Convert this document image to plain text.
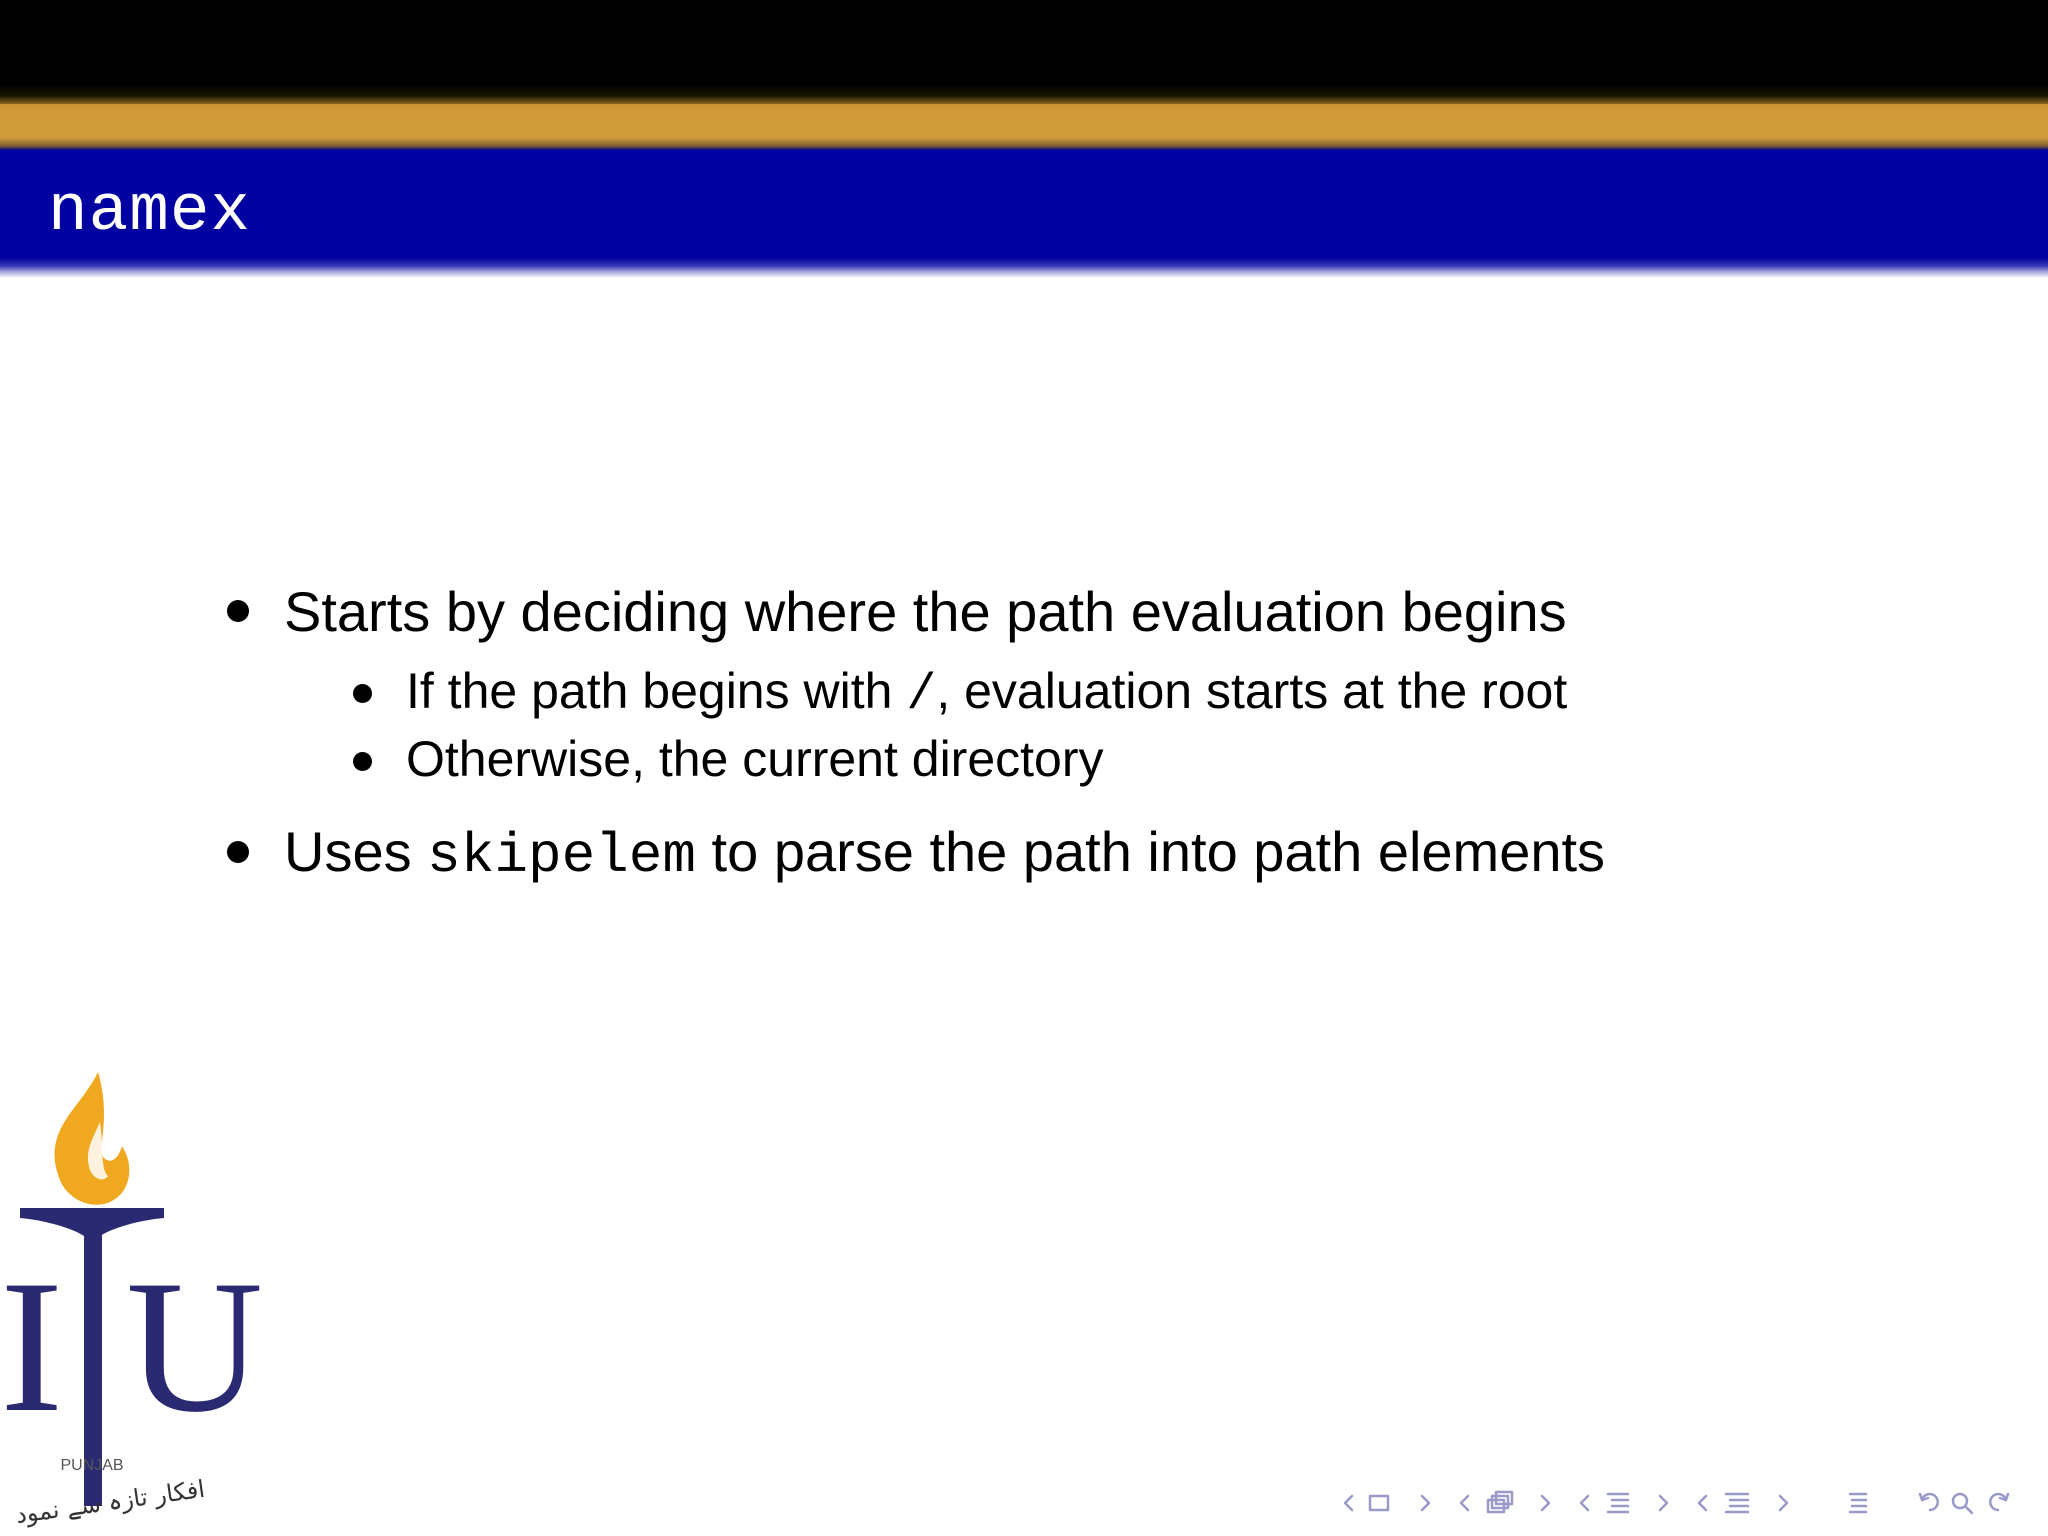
namex
Starts by deciding where the path evaluation begins
If the path begins with /, evaluation starts at the root
Otherwise, the current directory
Uses skipelem to parse the path into path elements
I U
PUNJAB
افکار تازہ سے نمود
